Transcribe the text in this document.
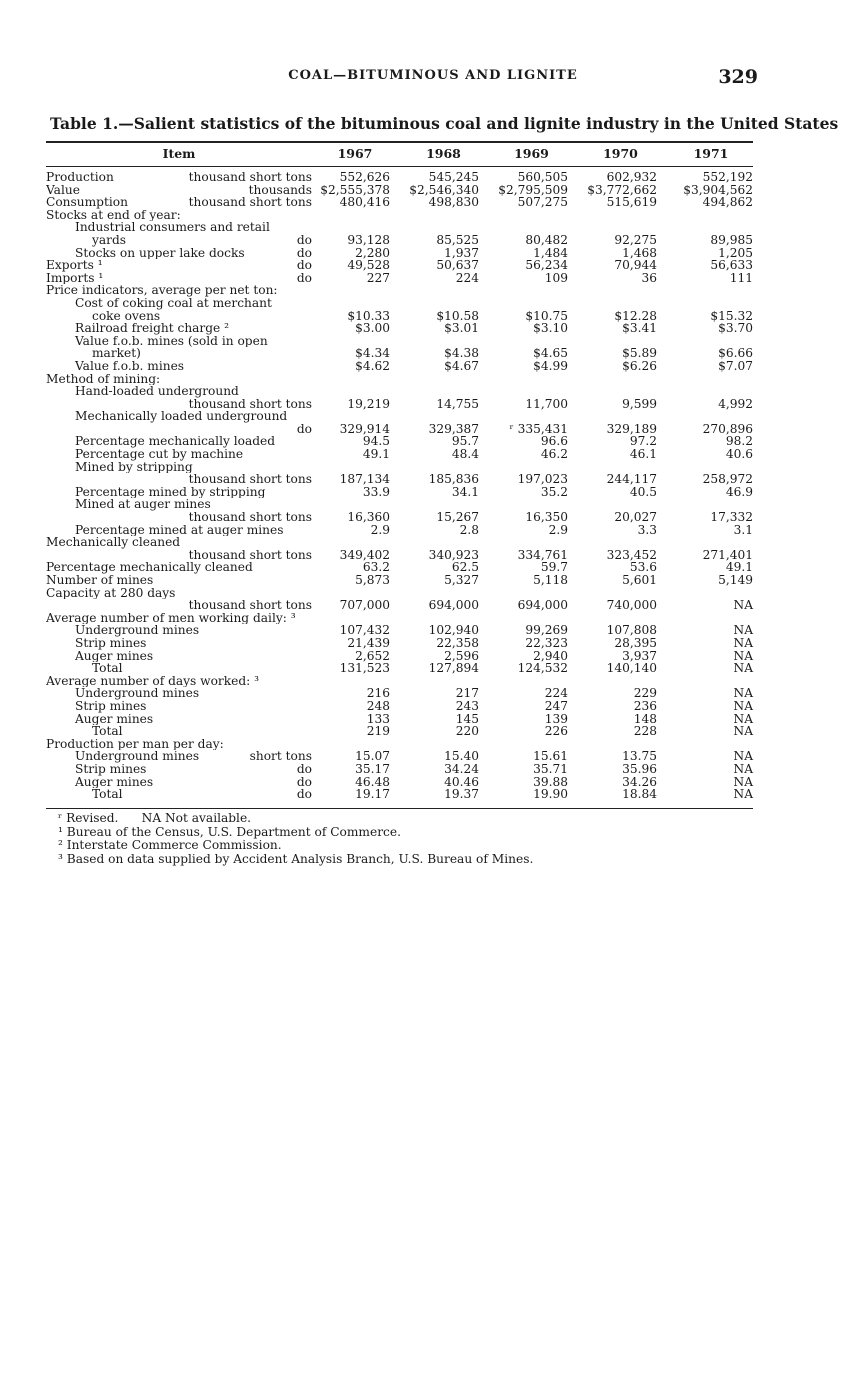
COAL—BITUMINOUS AND LIGNITE	329
Table 1.—Salient statistics of the bituminous coal and lignite industry in the United States
Item	1967	1968	1969	1970	1971
Production	thousand short tons	552,626	545,245	560,505	602,932	552,192
Value	thousands $2,555,378	$2,546,340	$2,795,509	$3,772,662	$3,904,562
Consumption	thousand short tons	480,416	498,830	507,275	515,619	494,862
Stocks at end of year:
Industrial consumers and retail
yards	do	93,128	85,525	80,482	92,275	89,985
Stocks on upper lake docks	do	2,280	1,937	1,484	1,468	1,205
Exports ¹	do	49,528	50,637	56,234	70,944	56,633
Imports ¹	do	227	224	109	36	111
Price indicators, average per net ton:
Cost of coking coal at merchant
coke ovens	$10.33	$10.58	$10.75	$12.28	$15.32
Railroad freight charge ²	$3.00	$3.01	$3.10	$3.41	$3.70
Value f.o.b. mines (sold in open
market)	$4.34	$4.38	$4.65	$5.89	$6.66
Value f.o.b. mines	$4.62	$4.67	$4.99	$6.26	$7.07
Method of mining:
Hand-loaded underground
thousand short tons	19,219	14,755	11,700	9,599	4,992
Mechanically loaded underground
do	329,914	329,387	ʳ 335,431	329,189	270,896
Percentage mechanically loaded	94.5	95.7	96.6	97.2	98.2
Percentage cut by machine	49.1	48.4	46.2	46.1	40.6
Mined by stripping
thousand short tons	187,134	185,836	197,023	244,117	258,972
Percentage mined by stripping	33.9	34.1	35.2	40.5	46.9
Mined at auger mines
thousand short tons	16,360	15,267	16,350	20,027	17,332
Percentage mined at auger mines	2.9	2.8	2.9	3.3	3.1
Mechanically cleaned
thousand short tons	349,402	340,923	334,761	323,452	271,401
Percentage mechanically cleaned	63.2	62.5	59.7	53.6	49.1
Number of mines	5,873	5,327	5,118	5,601	5,149
Capacity at 280 days
thousand short tons	707,000	694,000	694,000	740,000	NA
Average number of men working daily: ³
Underground mines	107,432	102,940	99,269	107,808	NA
Strip mines	21,439	22,358	22,323	28,395	NA
Auger mines	2,652	2,596	2,940	3,937	NA
Total	131,523	127,894	124,532	140,140	NA
Average number of days worked: ³
Underground mines	216	217	224	229	NA
Strip mines	248	243	247	236	NA
Auger mines	133	145	139	148	NA
Total	219	220	226	228	NA
Production per man per day:
Underground mines	short tons	15.07	15.40	15.61	13.75	NA
Strip mines	do	35.17	34.24	35.71	35.96	NA
Auger mines	do	46.48	40.46	39.88	34.26	NA
Total	do	19.17	19.37	19.90	18.84	NA
ʳ Revised.      NA Not available.
¹ Bureau of the Census, U.S. Department of Commerce.
² Interstate Commerce Commission.
³ Based on data supplied by Accident Analysis Branch, U.S. Bureau of Mines.
